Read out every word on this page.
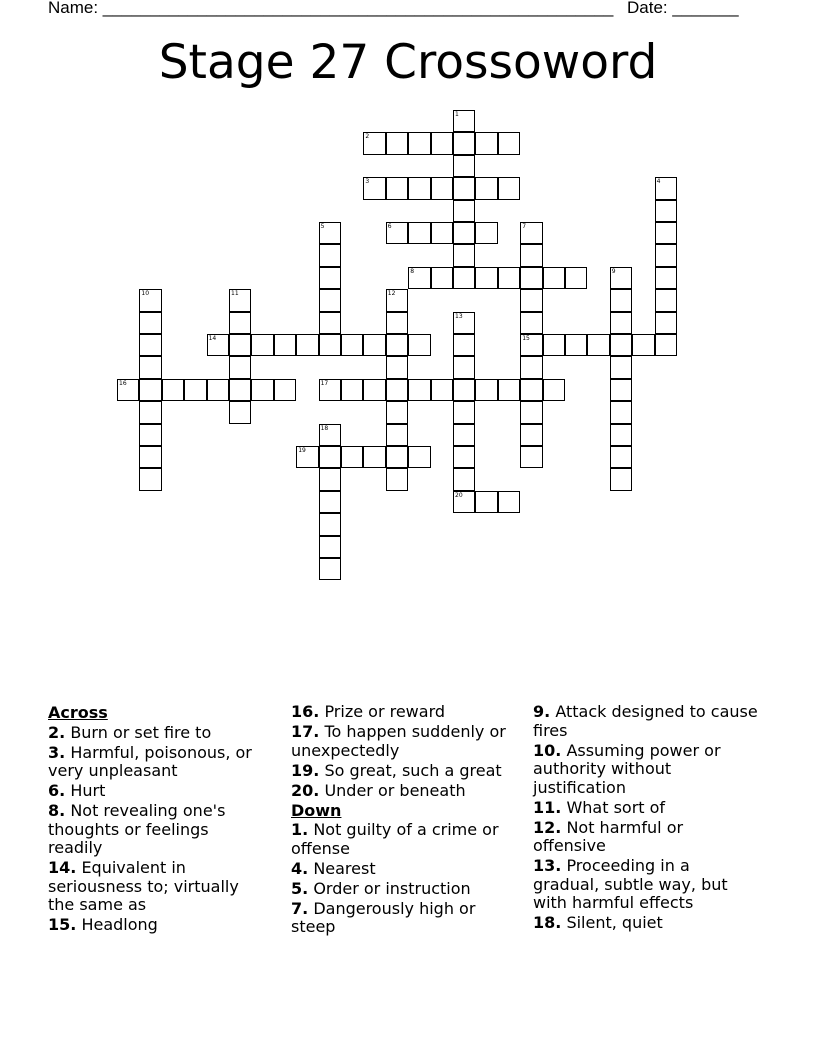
Name: ______________________________________________________ Date: _______
Stage 27 Crossoword
1
2
3	4
5	6	7
8	9
10	11	12
13
14	15
16	17
18
19
20
Across
2. Burn or set fire to
3. Harmful, poisonous, or very unpleasant
6. Hurt
8. Not revealing one's thoughts or feelings readily
14. Equivalent in seriousness to; virtually the same as
15. Headlong
16. Prize or reward
17. To happen suddenly or unexpectedly
19. So great, such a great
20. Under or beneath
Down
1. Not guilty of a crime or offense
4. Nearest
5. Order or instruction
7. Dangerously high or steep
9. Attack designed to cause fires
10. Assuming power or authority without justification
11. What sort of
12. Not harmful or offensive
13. Proceeding in a gradual, subtle way, but with harmful effects
18. Silent, quiet
